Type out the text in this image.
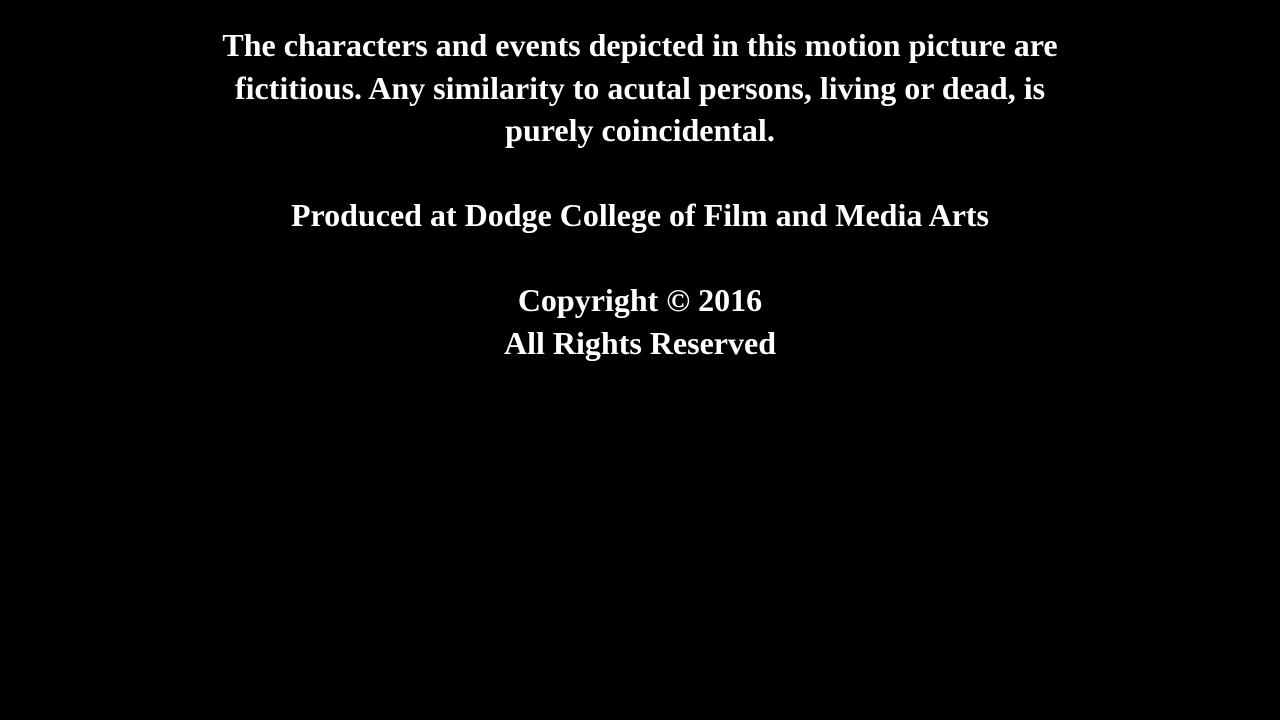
The characters and events depicted in this motion picture are
fictitious. Any similarity to acutal persons, living or dead, is
purely coincidental.

Produced at Dodge College of Film and Media Arts

Copyright © 2016
All Rights Reserved
